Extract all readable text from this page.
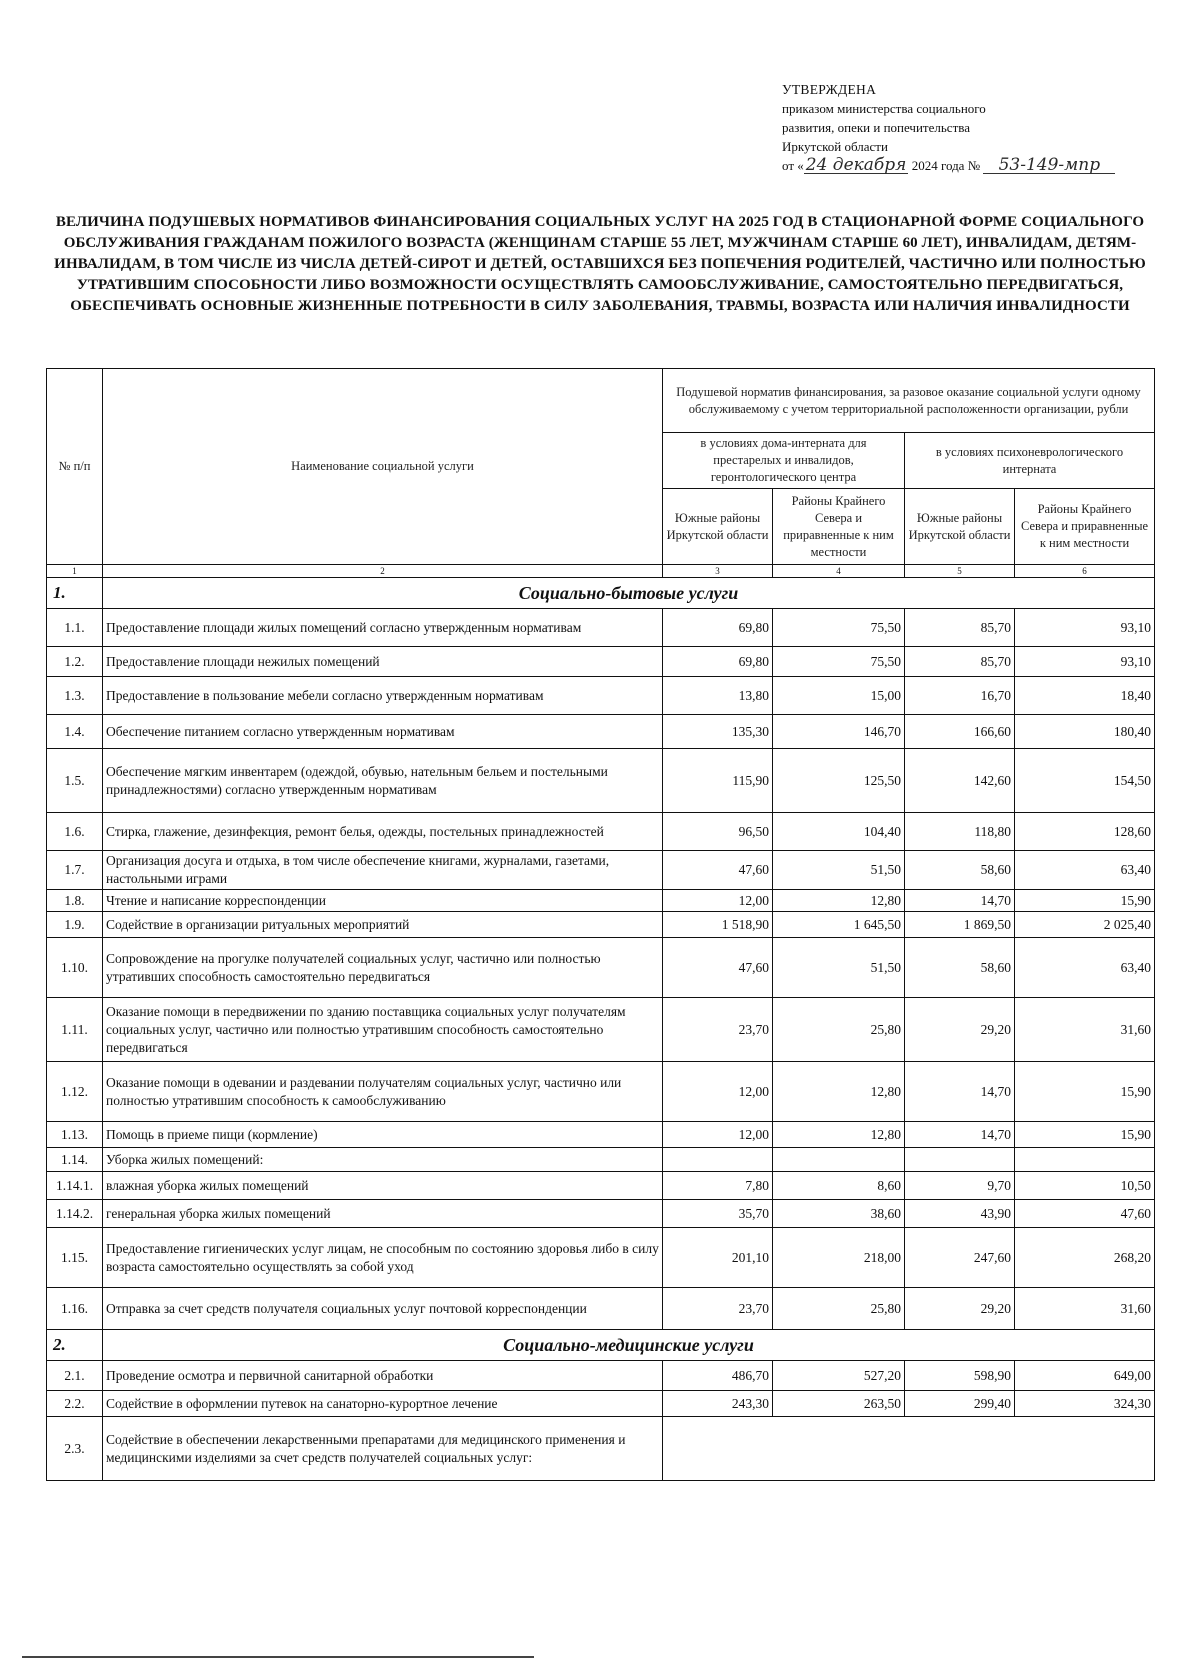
УТВЕРЖДЕНА
приказом министерства социального
развития, опеки и попечительства
Иркутской области
от « 24 декабря 2024 года № 53-149-мпр
ВЕЛИЧИНА ПОДУШЕВЫХ НОРМАТИВОВ ФИНАНСИРОВАНИЯ СОЦИАЛЬНЫХ УСЛУГ НА 2025 ГОД В СТАЦИОНАРНОЙ ФОРМЕ СОЦИАЛЬНОГО ОБСЛУЖИВАНИЯ ГРАЖДАНАМ ПОЖИЛОГО ВОЗРАСТА (ЖЕНЩИНАМ СТАРШЕ 55 ЛЕТ, МУЖЧИНАМ СТАРШЕ 60 ЛЕТ), ИНВАЛИДАМ, ДЕТЯМ-ИНВАЛИДАМ, В ТОМ ЧИСЛЕ ИЗ ЧИСЛА ДЕТЕЙ-СИРОТ И ДЕТЕЙ, ОСТАВШИХСЯ БЕЗ ПОПЕЧЕНИЯ РОДИТЕЛЕЙ, ЧАСТИЧНО ИЛИ ПОЛНОСТЬЮ УТРАТИВШИМ СПОСОБНОСТИ ЛИБО ВОЗМОЖНОСТИ ОСУЩЕСТВЛЯТЬ САМООБСЛУЖИВАНИЕ, САМОСТОЯТЕЛЬНО ПЕРЕДВИГАТЬСЯ, ОБЕСПЕЧИВАТЬ ОСНОВНЫЕ ЖИЗНЕННЫЕ ПОТРЕБНОСТИ В СИЛУ ЗАБОЛЕВАНИЯ, ТРАВМЫ, ВОЗРАСТА ИЛИ НАЛИЧИЯ ИНВАЛИДНОСТИ
№ п/п	Наименование социальной услуги	Подушевой норматив финансирования, за разовое оказание социальной услуги одному обслуживаемому с учетом территориальной расположенности организации, рубли			
		в условиях дома-интерната для престарелых и инвалидов, геронтологического центра		в условиях психоневрологического интерната	
		Южные районы Иркутской области	Районы Крайнего Севера и приравненные к ним местности	Южные районы Иркутской области	Районы Крайнего Севера и приравненные к ним местности
1	2	3	4	5	6
1.	Социально-бытовые услуги				
1.1.	Предоставление площади жилых помещений согласно утвержденным нормативам	69,80	75,50	85,70	93,10
1.2.	Предоставление площади нежилых помещений	69,80	75,50	85,70	93,10
1.3.	Предоставление в пользование мебели согласно утвержденным нормативам	13,80	15,00	16,70	18,40
1.4.	Обеспечение питанием согласно утвержденным нормативам	135,30	146,70	166,60	180,40
1.5.	Обеспечение мягким инвентарем (одеждой, обувью, нательным бельем и постельными принадлежностями) согласно утвержденным нормативам	115,90	125,50	142,60	154,50
1.6.	Стирка, глажение, дезинфекция, ремонт белья, одежды, постельных принадлежностей	96,50	104,40	118,80	128,60
1.7.	Организация досуга и отдыха, в том числе обеспечение книгами, журналами, газетами, настольными играми	47,60	51,50	58,60	63,40
1.8.	Чтение и написание корреспонденции	12,00	12,80	14,70	15,90
1.9.	Содействие в организации ритуальных мероприятий	1 518,90	1 645,50	1 869,50	2 025,40
1.10.	Сопровождение на прогулке получателей социальных услуг, частично или полностью утративших способность самостоятельно передвигаться	47,60	51,50	58,60	63,40
1.11.	Оказание помощи в передвижении по зданию поставщика социальных услуг получателям социальных услуг, частично или полностью утратившим способность самостоятельно передвигаться	23,70	25,80	29,20	31,60
1.12.	Оказание помощи в одевании и раздевании получателям социальных услуг, частично или полностью утратившим способность к самообслуживанию	12,00	12,80	14,70	15,90
1.13.	Помощь в приеме пищи (кормление)	12,00	12,80	14,70	15,90
1.14.	Уборка жилых помещений:				
1.14.1.	влажная уборка жилых помещений	7,80	8,60	9,70	10,50
1.14.2.	генеральная уборка жилых помещений	35,70	38,60	43,90	47,60
1.15.	Предоставление гигиенических услуг лицам, не способным по состоянию здоровья либо в силу возраста самостоятельно осуществлять за собой уход	201,10	218,00	247,60	268,20
1.16.	Отправка за счет средств получателя социальных услуг почтовой корреспонденции	23,70	25,80	29,20	31,60
2.	Социально-медицинские услуги				
2.1.	Проведение осмотра и первичной санитарной обработки	486,70	527,20	598,90	649,00
2.2.	Содействие в оформлении путевок на санаторно-курортное лечение	243,30	263,50	299,40	324,30
2.3.	Содействие в обеспечении лекарственными препаратами для медицинского применения и медицинскими изделиями за счет средств получателей социальных услуг:				
